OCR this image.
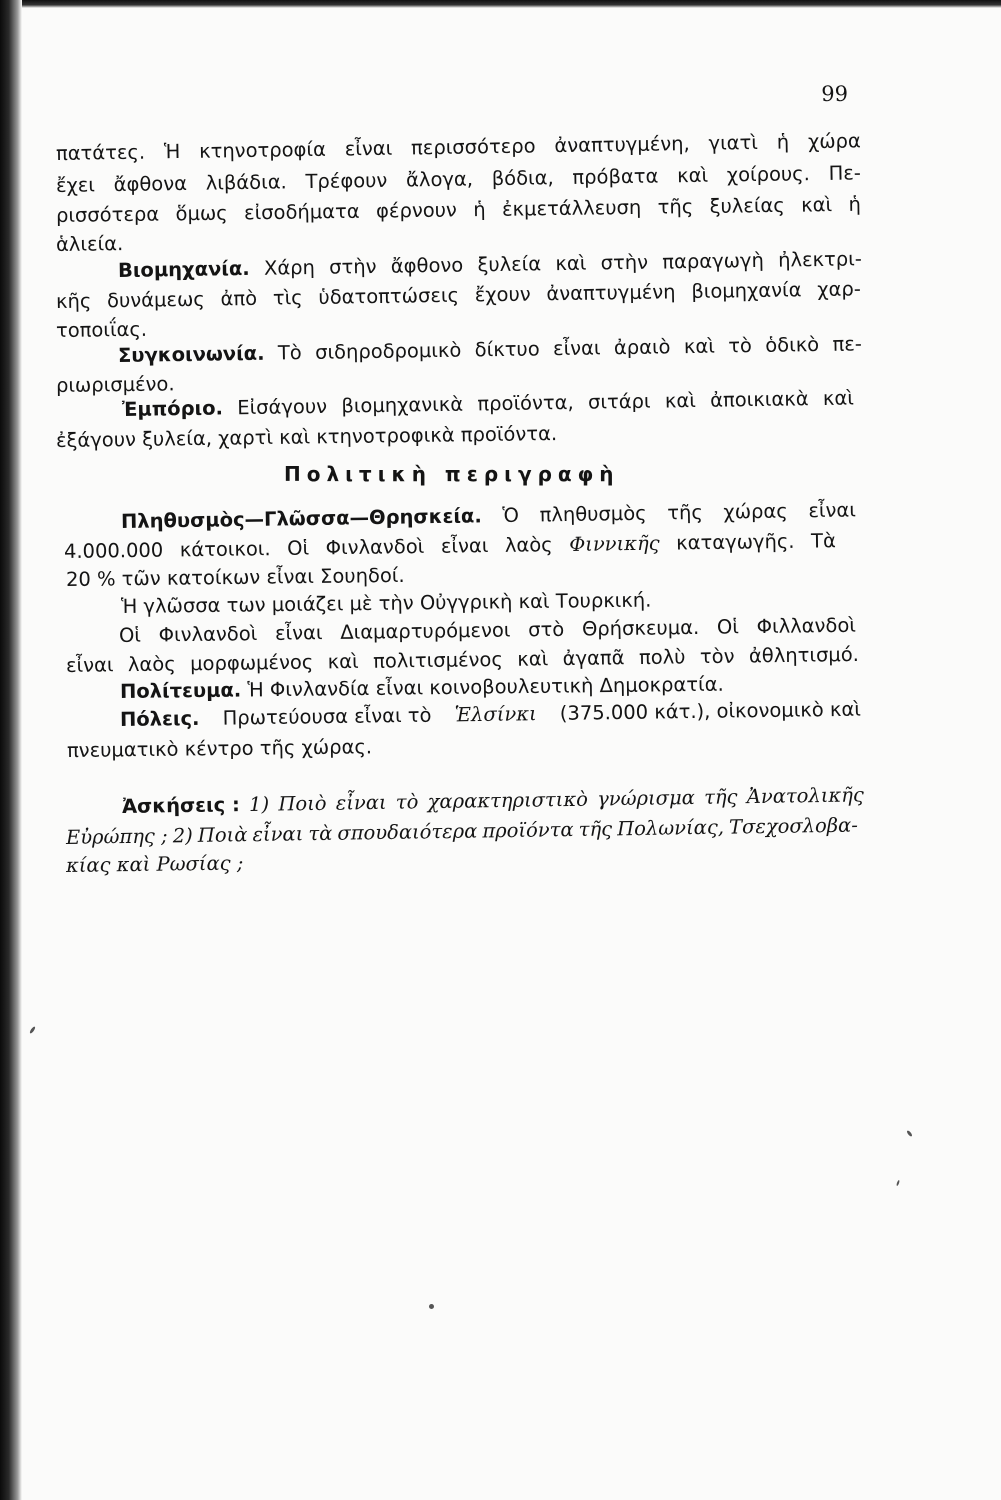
99
πατάτες. Ἡ κτηνοτροφία εἶναι περισσότερο ἀναπτυγμένη, γιατὶ ἡ χώρα
ἔχει ἄφθονα λιβάδια. Τρέφουν ἄλογα, βόδια, πρόβατα καὶ χοίρους. Πε-
ρισσότερα ὅμως εἰσοδήματα φέρνουν ἡ ἐκμετάλλευση τῆς ξυλείας καὶ ἡ
ἁλιεία.
Βιομηχανία. Χάρη στὴν ἄφθονο ξυλεία καὶ στὴν παραγωγὴ ἠλεκτρι-
κῆς δυνάμεως ἀπὸ τὶς ὑδατοπτώσεις ἔχουν ἀναπτυγμένη βιομηχανία χαρ-
τοποιΐας.
Συγκοινωνία. Τὸ σιδηροδρομικὸ δίκτυο εἶναι ἀραιὸ καὶ τὸ ὁδικὸ πε-
ριωρισμένο.
Ἐμπόριο. Εἰσάγουν βιομηχανικὰ προϊόντα, σιτάρι καὶ ἀποικιακὰ καὶ
ἐξάγουν ξυλεία, χαρτὶ καὶ κτηνοτροφικὰ προϊόντα.
Πολιτικὴ περιγραφὴ
Πληθυσμὸς—Γλῶσσα—Θρησκεία. Ὁ πληθυσμὸς τῆς χώρας εἶναι
4.000.000 κάτοικοι. Οἱ Φινλανδοὶ εἶναι λαὸς Φιννικῆς καταγωγῆς. Τὰ
20 % τῶν κατοίκων εἶναι Σουηδοί.
Ἡ γλῶσσα των μοιάζει μὲ τὴν Οὐγγρικὴ καὶ Τουρκική.
Οἱ Φινλανδοὶ εἶναι Διαμαρτυρόμενοι στὸ Θρήσκευμα. Οἱ Φιλλανδοὶ
εἶναι λαὸς μορφωμένος καὶ πολιτισμένος καὶ ἀγαπᾶ πολὺ τὸν ἀθλητισμό.
Πολίτευμα. Ἡ Φινλανδία εἶναι κοινοβουλευτικὴ Δημοκρατία.
Πόλεις. Πρωτεύουσα εἶναι τὸ Ἑλσίνκι (375.000 κάτ.), οἰκονομικὸ καὶ
πνευματικὸ κέντρο τῆς χώρας.
Ἀσκήσεις : 1) Ποιὸ εἶναι τὸ χαρακτηριστικὸ γνώρισμα τῆς Ἀνατολικῆς
Εὐρώπης ; 2) Ποιὰ εἶναι τὰ σπουδαιότερα προϊόντα τῆς Πολωνίας, Τσεχοσλοβα-
κίας καὶ Ρωσίας ;
